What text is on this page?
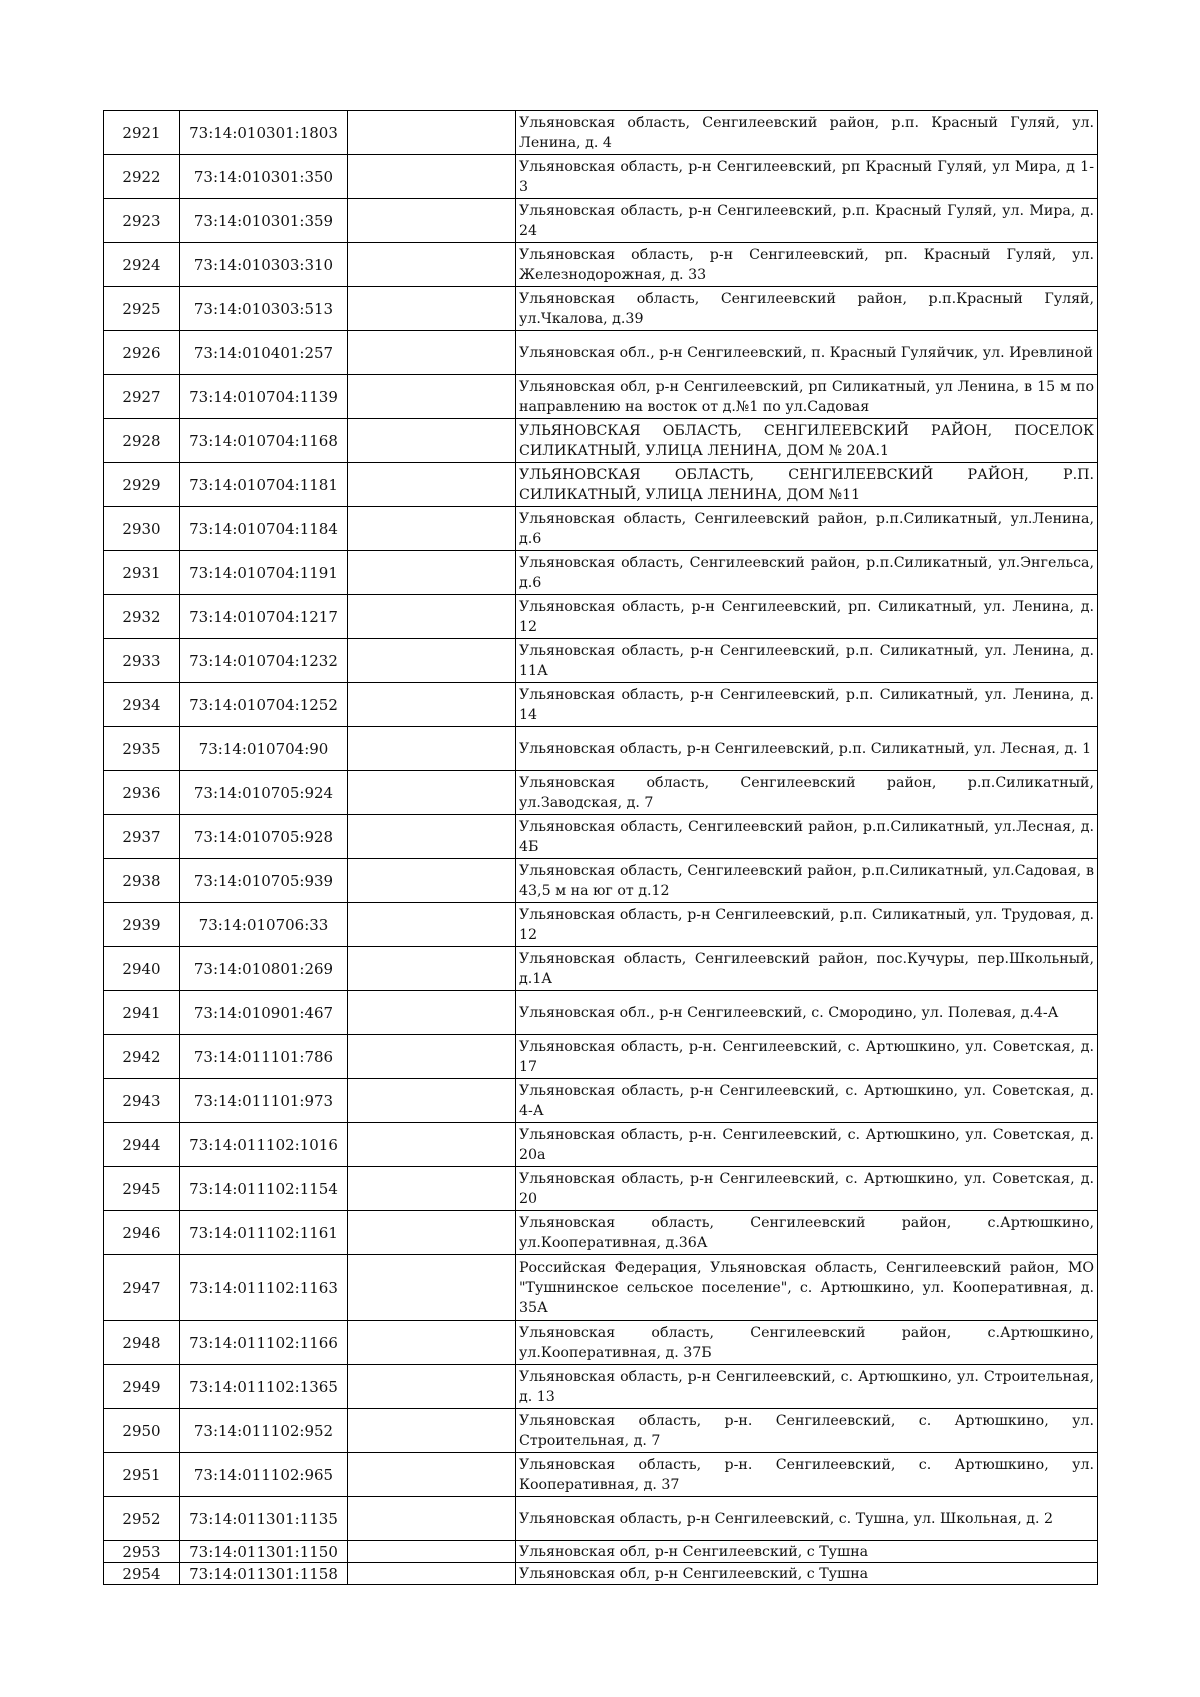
2921	73:14:010301:1803		Ульяновская область, Сенгилеевский район, р.п. Красный Гуляй, ул. Ленина, д. 4
2922	73:14:010301:350		Ульяновская область, р-н Сенгилеевский, рп Красный Гуляй, ул Мира, д 1-3
2923	73:14:010301:359		Ульяновская область, р-н Сенгилеевский, р.п. Красный Гуляй, ул. Мира, д. 24
2924	73:14:010303:310		Ульяновская область, р-н Сенгилеевский, рп. Красный Гуляй, ул. Железнодорожная, д. 33
2925	73:14:010303:513		Ульяновская область, Сенгилеевский район, р.п.Красный Гуляй, ул.Чкалова, д.39
2926	73:14:010401:257		Ульяновская обл., р-н Сенгилеевский, п. Красный Гуляйчик, ул. Иревлиной
2927	73:14:010704:1139		Ульяновская обл, р-н Сенгилеевский, рп Силикатный, ул Ленина, в 15 м по направлению на восток от д.№1 по ул.Садовая
2928	73:14:010704:1168		УЛЬЯНОВСКАЯ ОБЛАСТЬ, СЕНГИЛЕЕВСКИЙ РАЙОН, ПОСЕЛОК СИЛИКАТНЫЙ, УЛИЦА ЛЕНИНА, ДОМ № 20А.1
2929	73:14:010704:1181		УЛЬЯНОВСКАЯ ОБЛАСТЬ, СЕНГИЛЕЕВСКИЙ РАЙОН, Р.П. СИЛИКАТНЫЙ, УЛИЦА ЛЕНИНА, ДОМ №11
2930	73:14:010704:1184		Ульяновская область, Сенгилеевский район, р.п.Силикатный, ул.Ленина, д.6
2931	73:14:010704:1191		Ульяновская область, Сенгилеевский район, р.п.Силикатный, ул.Энгельса, д.6
2932	73:14:010704:1217		Ульяновская область, р-н Сенгилеевский, рп. Силикатный, ул. Ленина, д. 12
2933	73:14:010704:1232		Ульяновская область, р-н Сенгилеевский, р.п. Силикатный, ул. Ленина, д. 11А
2934	73:14:010704:1252		Ульяновская область, р-н Сенгилеевский, р.п. Силикатный, ул. Ленина, д. 14
2935	73:14:010704:90		Ульяновская область, р-н Сенгилеевский, р.п. Силикатный, ул. Лесная, д. 1
2936	73:14:010705:924		Ульяновская область, Сенгилеевский район, р.п.Силикатный, ул.Заводская, д. 7
2937	73:14:010705:928		Ульяновская область, Сенгилеевский район, р.п.Силикатный, ул.Лесная, д. 4Б
2938	73:14:010705:939		Ульяновская область, Сенгилеевский район, р.п.Силикатный, ул.Садовая, в 43,5 м на юг от д.12
2939	73:14:010706:33		Ульяновская область, р-н Сенгилеевский, р.п. Силикатный, ул. Трудовая, д. 12
2940	73:14:010801:269		Ульяновская область, Сенгилеевский район, пос.Кучуры, пер.Школьный, д.1А
2941	73:14:010901:467		Ульяновская обл., р-н Сенгилеевский, с. Смородино, ул. Полевая, д.4-А
2942	73:14:011101:786		Ульяновская область, р-н. Сенгилеевский, с. Артюшкино, ул. Советская, д. 17
2943	73:14:011101:973		Ульяновская область, р-н Сенгилеевский, с. Артюшкино, ул. Советская, д. 4-А
2944	73:14:011102:1016		Ульяновская область, р-н. Сенгилеевский, с. Артюшкино, ул. Советская, д. 20а
2945	73:14:011102:1154		Ульяновская область, р-н Сенгилеевский, с. Артюшкино, ул. Советская, д. 20
2946	73:14:011102:1161		Ульяновская область, Сенгилеевский район, с.Артюшкино, ул.Кооперативная, д.36А
2947	73:14:011102:1163		Российская Федерация, Ульяновская область, Сенгилеевский район, МО "Тушнинское сельское поселение", с. Артюшкино, ул. Кооперативная, д. 35А
2948	73:14:011102:1166		Ульяновская область, Сенгилеевский район, с.Артюшкино, ул.Кооперативная, д. 37Б
2949	73:14:011102:1365		Ульяновская область, р-н Сенгилеевский, с. Артюшкино, ул. Строительная, д. 13
2950	73:14:011102:952		Ульяновская область, р-н. Сенгилеевский, с. Артюшкино, ул. Строительная, д. 7
2951	73:14:011102:965		Ульяновская область, р-н. Сенгилеевский, с. Артюшкино, ул. Кооперативная, д. 37
2952	73:14:011301:1135		Ульяновская область, р-н Сенгилеевский, с. Тушна, ул. Школьная, д. 2
2953	73:14:011301:1150		Ульяновская обл, р-н Сенгилеевский, с Тушна
2954	73:14:011301:1158		Ульяновская обл, р-н Сенгилеевский, с Тушна
